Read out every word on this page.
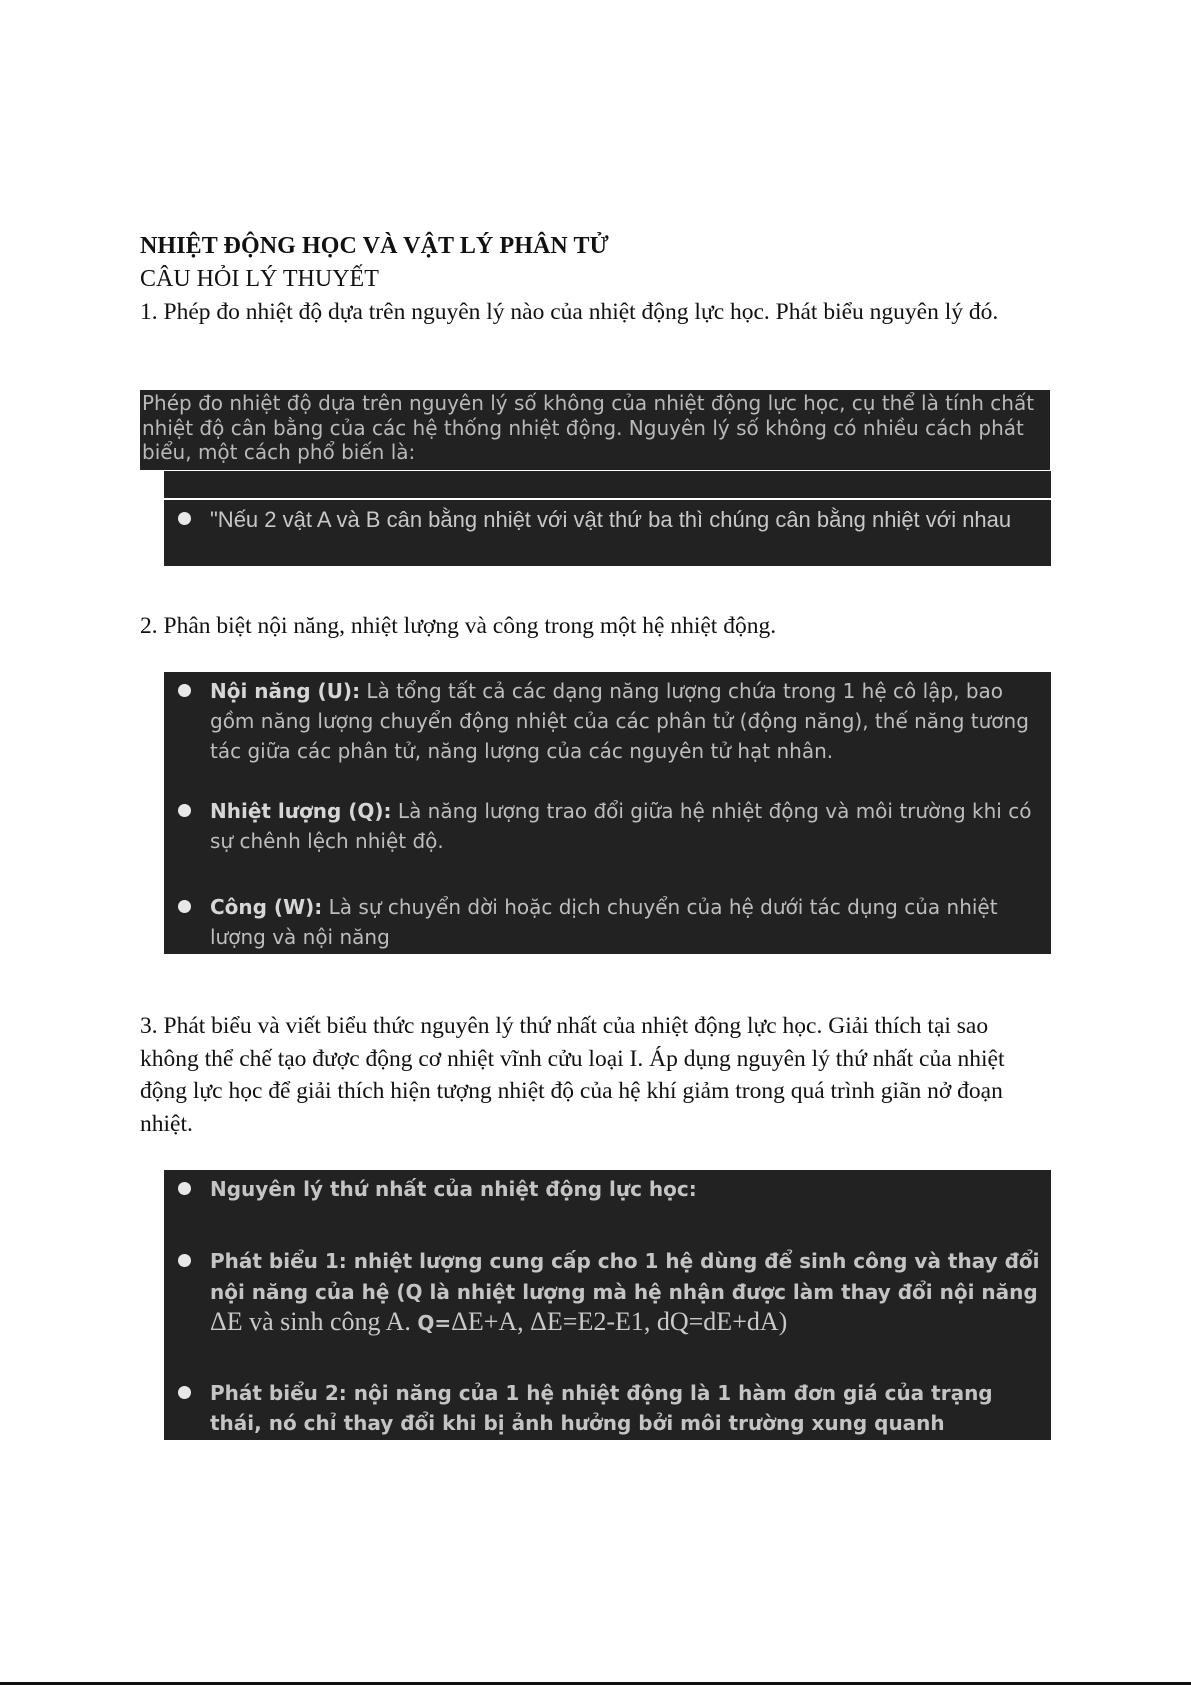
NHIỆT ĐỘNG HỌC VÀ VẬT LÝ PHÂN TỬ
CÂU HỎI LÝ THUYẾT
1. Phép đo nhiệt độ dựa trên nguyên lý nào của nhiệt động lực học. Phát biểu nguyên lý đó.
Phép đo nhiệt độ dựa trên nguyên lý số không của nhiệt động lực học, cụ thể là tính chất nhiệt độ cân bằng của các hệ thống nhiệt động. Nguyên lý số không có nhiều cách phát biểu, một cách phổ biến là:
"Nếu 2 vật A và B cân bằng nhiệt với vật thứ ba thì chúng cân bằng nhiệt với nhau
2. Phân biệt nội năng, nhiệt lượng và công trong một hệ nhiệt động.
Nội năng (U): Là tổng tất cả các dạng năng lượng chứa trong 1 hệ cô lập, bao gồm năng lượng chuyển động nhiệt của các phân tử (động năng), thế năng tương tác giữa các phân tử, năng lượng của các nguyên tử hạt nhân.
Nhiệt lượng (Q): Là năng lượng trao đổi giữa hệ nhiệt động và môi trường khi có sự chênh lệch nhiệt độ.
Công (W): Là sự chuyển dời hoặc dịch chuyển của hệ dưới tác dụng của nhiệt lượng và nội năng
3. Phát biểu và viết biểu thức nguyên lý thứ nhất của nhiệt động lực học. Giải thích tại sao không thể chế tạo được động cơ nhiệt vĩnh cửu loại I. Áp dụng nguyên lý thứ nhất của nhiệt động lực học để giải thích hiện tượng nhiệt độ của hệ khí giảm trong quá trình giãn nở đoạn nhiệt.
Nguyên lý thứ nhất của nhiệt động lực học:
Phát biểu 1: nhiệt lượng cung cấp cho 1 hệ dùng để sinh công và thay đổi nội năng của hệ (Q là nhiệt lượng mà hệ nhận được làm thay đổi nội năng ΔE và sinh công A. Q=ΔE+A, ΔE=E2-E1, dQ=dE+dA)
Phát biểu 2: nội năng của 1 hệ nhiệt động là 1 hàm đơn giá của trạng thái, nó chỉ thay đổi khi bị ảnh hưởng bởi môi trường xung quanh
